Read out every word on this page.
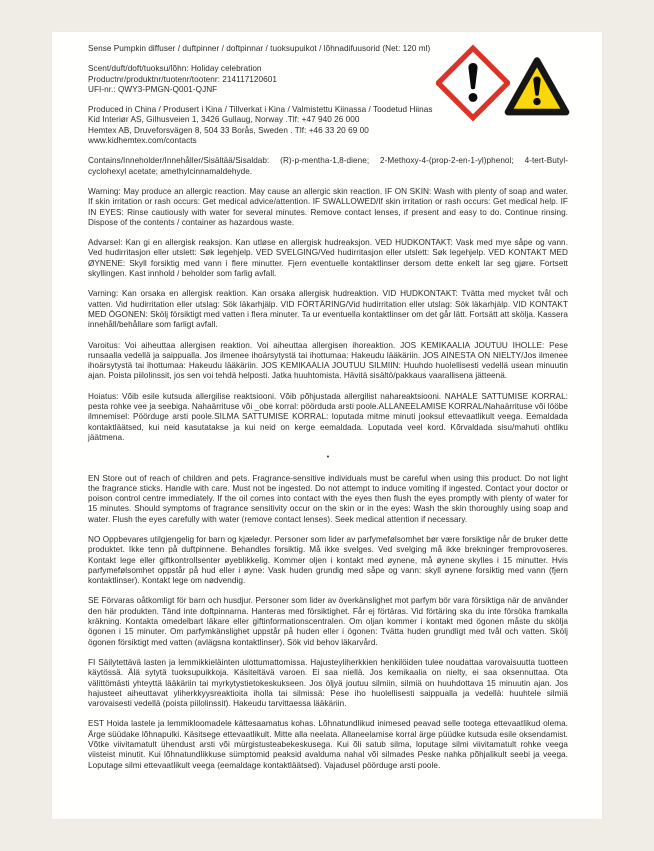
Sense Pumpkin diffuser / duftpinner / doftpinnar / tuoksupuikot / lõhnadifuusorid (Net: 120 ml)

Scent/duft/doft/tuoksu/lõhn: Holiday celebration

Productnr/produktnr/tuotenr/tootenr: 214117120601

UFI-nr.: QWY3-PMGN-Q001-QJNF

Produced in China / Produsert i Kina / Tillverkat i Kina / Valmistettu Kiinassa / Toodetud Hiinas

Kid Interiør AS, Gilhusveien 1, 3426 Gullaug, Norway .Tlf: +47 940 26 000

Hemtex AB, Druveforsvägen 8, 504 33 Borås, Sweden . Tlf: +46 33 20 69 00

www.kidhemtex.com/contacts

Contains/Inneholder/Innehåller/Sisältää/Sisaldab: (R)-p-mentha-1,8-diene; 2-Methoxy-4-(prop-2-en-1-yl)phenol; 4-tert-Butyl-cyclohexyl acetate; amethylcinnamaldehyde.

Warning: May produce an allergic reaction. May cause an allergic skin reaction. IF ON SKIN: Wash with plenty of soap and water. If skin irritation or rash occurs: Get medical advice/attention. IF SWALLOWED/If skin irritation or rash occurs: Get medical help. IF IN EYES: Rinse cautiously with water for several minutes. Remove contact lenses, if present and easy to do. Continue rinsing. Dispose of the contents / container as hazardous waste.

Advarsel: Kan gi en allergisk reaksjon. Kan utløse en allergisk hudreaksjon. VED HUDKONTAKT: Vask med mye såpe og vann. Ved hudirritasjon eller utslett: Søk legehjelp. VED SVELGING/Ved hudirritasjon eller utslett: Søk legehjelp. VED KONTAKT MED ØYNENE: Skyll forsiktig med vann i flere minutter. Fjern eventuelle kontaktlinser dersom dette enkelt lar seg gjøre. Fortsett skyllingen. Kast innhold / beholder som farlig avfall.

Varning: Kan orsaka en allergisk reaktion. Kan orsaka allergisk hudreaktion. VID HUDKONTAKT: Tvätta med mycket tvål och vatten. Vid hudirritation eller utslag: Sök läkarhjälp. VID FÖRTÄRING/Vid hudirritation eller utslag: Sök läkarhjälp. VID KONTAKT MED ÖGONEN: Skölj försiktigt med vatten i flera minuter. Ta ur eventuella kontaktlinser om det går lätt. Fortsätt att skölja. Kassera innehåll/behållare som farligt avfall.

Varoitus: Voi aiheuttaa allergisen reaktion. Voi aiheuttaa allergisen ihoreaktion. JOS KEMIKAALIA JOUTUU IHOLLE: Pese runsaalla vedellä ja saippualla. Jos ilmenee ihoärsytystä tai ihottumaa: Hakeudu lääkäriin. JOS AINESTA ON NIELTY/Jos ilmenee ihoärsytystä tai ihottumaa: Hakeudu lääkäriin. JOS KEMIKAALIA JOUTUU SILMIIN: Huuhdo huolellisesti vedellä usean minuutin ajan. Poista piilolinssit, jos sen voi tehdä helposti. Jatka huuhtomista. Hävitä sisältö/pakkaus vaarallisena jätteenä.

Hoiatus: Võib esile kutsuda allergilise reaktsiooni. Võib põhjustada allergilist nahareaktsiooni. NAHALE SATTUMISE KORRAL: pesta rohke vee ja seebiga. Nahaärrituse või _obe korral: pöörduda arsti poole.ALLANEELAMISE KORRAL/Nahaärrituse või lööbe ilmnemisel: Pöörduge arsti poole.SILMA SATTUMISE KORRAL: loputada mitme minuti jooksul ettevaatlikult veega. Eemaldada kontaktläätsed, kui neid kasutatakse ja kui neid on kerge eemaldada. Loputada veel kord. Kõrvaldada sisu/mahuti ohtliku jäätmena.

•

EN Store out of reach of children and pets. Fragrance-sensitive individuals must be careful when using this product. Do not light the fragrance sticks. Handle with care. Must not be ingested. Do not attempt to induce vomiting if ingested. Contact your doctor or poison control centre immediately. If the oil comes into contact with the eyes then flush the eyes promptly with plenty of water for 15 minutes. Should symptoms of fragrance sensitivity occur on the skin or in the eyes: Wash the skin thoroughly using soap and water. Flush the eyes carefully with water (remove contact lenses). Seek medical attention if necessary.

NO Oppbevares utilgjengelig for barn og kjæledyr. Personer som lider av parfymefølsomhet bør være forsiktige når de bruker dette produktet. Ikke tenn på duftpinnene. Behandles forsiktig. Må ikke svelges. Ved svelging må ikke brekninger fremprovoseres. Kontakt lege eller giftkontrollsenter øyeblikkelig. Kommer oljen i kontakt med øynene, må øynene skylles i 15 minutter. Hvis parfymefølsomhet oppstår på hud eller i øyne: Vask huden grundig med såpe og vann: skyll øynene forsiktig med vann (fjern kontaktlinser). Kontakt lege om nødvendig.

SE Förvaras oåtkomligt för barn och husdjur. Personer som lider av överkänslighet mot parfym bör vara försiktiga när de använder den här produkten. Tänd inte doftpinnarna. Hanteras med försiktighet. Får ej förtäras. Vid förtäring ska du inte försöka framkalla kräkning. Kontakta omedelbart läkare eller giftinformationscentralen. Om oljan kommer i kontakt med ögonen måste du skölja ögonen i 15 minuter. Om parfymkänslighet uppstår på huden eller i ögonen: Tvätta huden grundligt med tvål och vatten. Skölj ögonen försiktigt med vatten (avlägsna kontaktlinser). Sök vid behov läkarvård.

FI Säilytettävä lasten ja lemmikkieläinten ulottumattomissa. Hajusteyliherkkien henkilöiden tulee noudattaa varovaisuutta tuotteen käytössä. Älä sytytä tuoksupuikkoja. Käsiteltävä varoen. Ei saa niellä. Jos kemikaalia on nielty, ei saa oksennuttaa. Ota välittömästi yhteyttä lääkäriin tai myrkytystietokeskukseen. Jos öljyä joutuu silmiin, silmiä on huuhdottava 15 minuutin ajan. Jos hajusteet aiheuttavat yliherkkyysreaktioita iholla tai silmissä: Pese iho huolellisesti saippualla ja vedellä: huuhtele silmiä varovaisesti vedellä (poista piilolinssit). Hakeudu tarvittaessa lääkäriin.

EST Hoida lastele ja lemmikloomadele kättesaamatus kohas. Lõhnatundlikud inimesed peavad selle tootega ettevaatlikud olema. Ärge süüdake lõhnapulki. Käsitsege ettevaatlikult. Mitte alla neelata. Allaneelamise korral ärge püüdke kutsuda esile oksendamist. Võtke viivitamatult ühendust arsti või mürgistusteabekeskusega. Kui õli satub silma, loputage silmi viivitamatult rohke veega viisteist minutit. Kui lõhnatundlikkuse sümptomid peaksid avalduma nahal või silmades Peske nahka põhjalikult seebi ja veega. Loputage silmi ettevaatlikult veega (eemaldage kontaktläätsed). Vajadusel pöörduge arsti poole.
